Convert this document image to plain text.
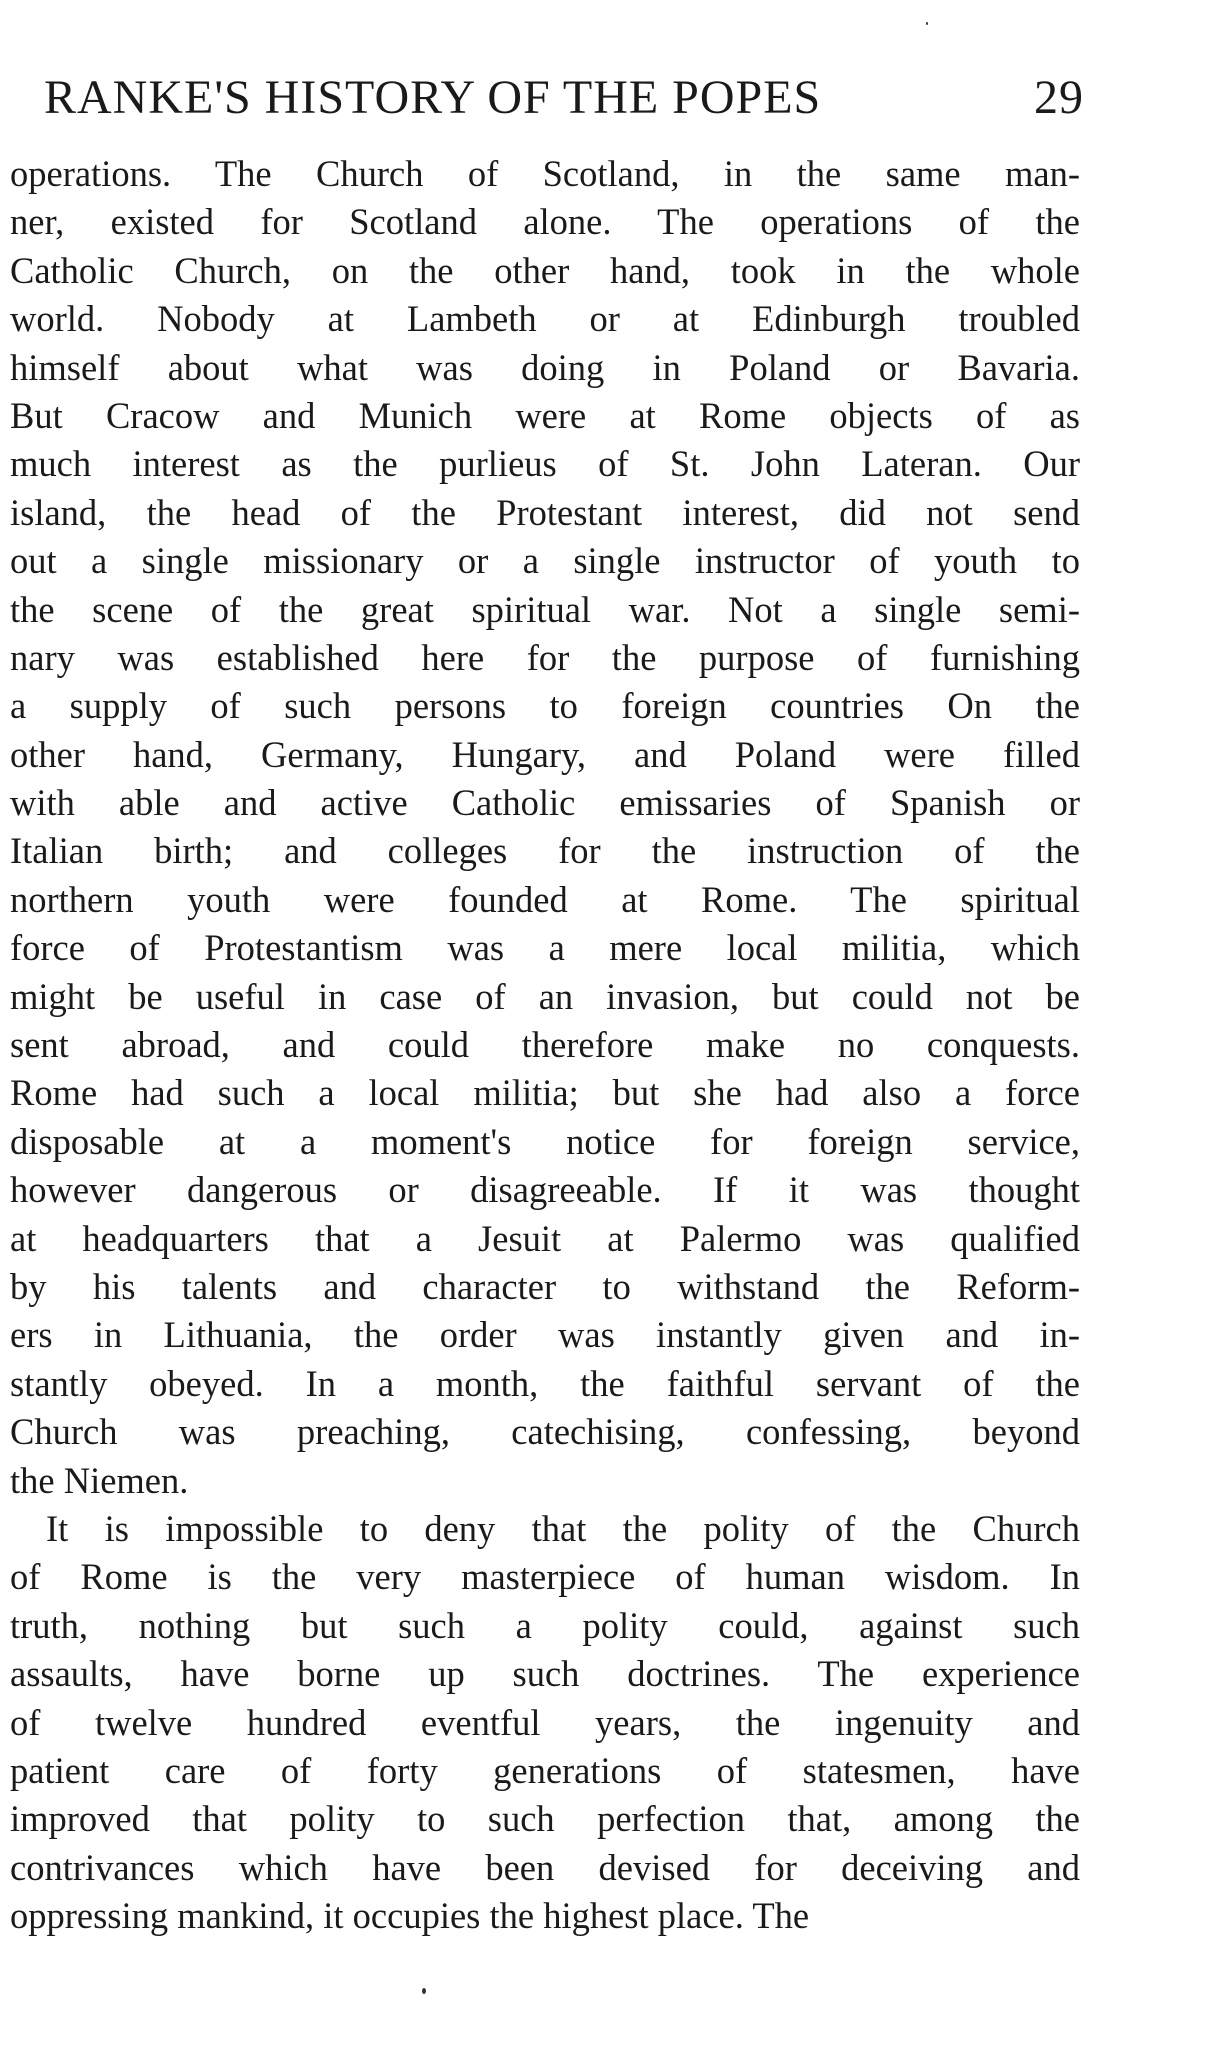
RANKE'S HISTORY OF THE POPES	29
operations. The Church of Scotland, in the same man-
ner, existed for Scotland alone. The operations of the
Catholic Church, on the other hand, took in the whole
world. Nobody at Lambeth or at Edinburgh troubled
himself about what was doing in Poland or Bavaria.
But Cracow and Munich were at Rome objects of as
much interest as the purlieus of St. John Lateran. Our
island, the head of the Protestant interest, did not send
out a single missionary or a single instructor of youth to
the scene of the great spiritual war. Not a single semi-
nary was established here for the purpose of furnishing
a supply of such persons to foreign countries On the
other hand, Germany, Hungary, and Poland were filled
with able and active Catholic emissaries of Spanish or
Italian birth; and colleges for the instruction of the
northern youth were founded at Rome. The spiritual
force of Protestantism was a mere local militia, which
might be useful in case of an invasion, but could not be
sent abroad, and could therefore make no conquests.
Rome had such a local militia; but she had also a force
disposable at a moment's notice for foreign service,
however dangerous or disagreeable. If it was thought
at headquarters that a Jesuit at Palermo was qualified
by his talents and character to withstand the Reform-
ers in Lithuania, the order was instantly given and in-
stantly obeyed. In a month, the faithful servant of the
Church was preaching, catechising, confessing, beyond
the Niemen.
It is impossible to deny that the polity of the Church
of Rome is the very masterpiece of human wisdom. In
truth, nothing but such a polity could, against such
assaults, have borne up such doctrines. The experience
of twelve hundred eventful years, the ingenuity and
patient care of forty generations of statesmen, have
improved that polity to such perfection that, among the
contrivances which have been devised for deceiving and
oppressing mankind, it occupies the highest place. The
